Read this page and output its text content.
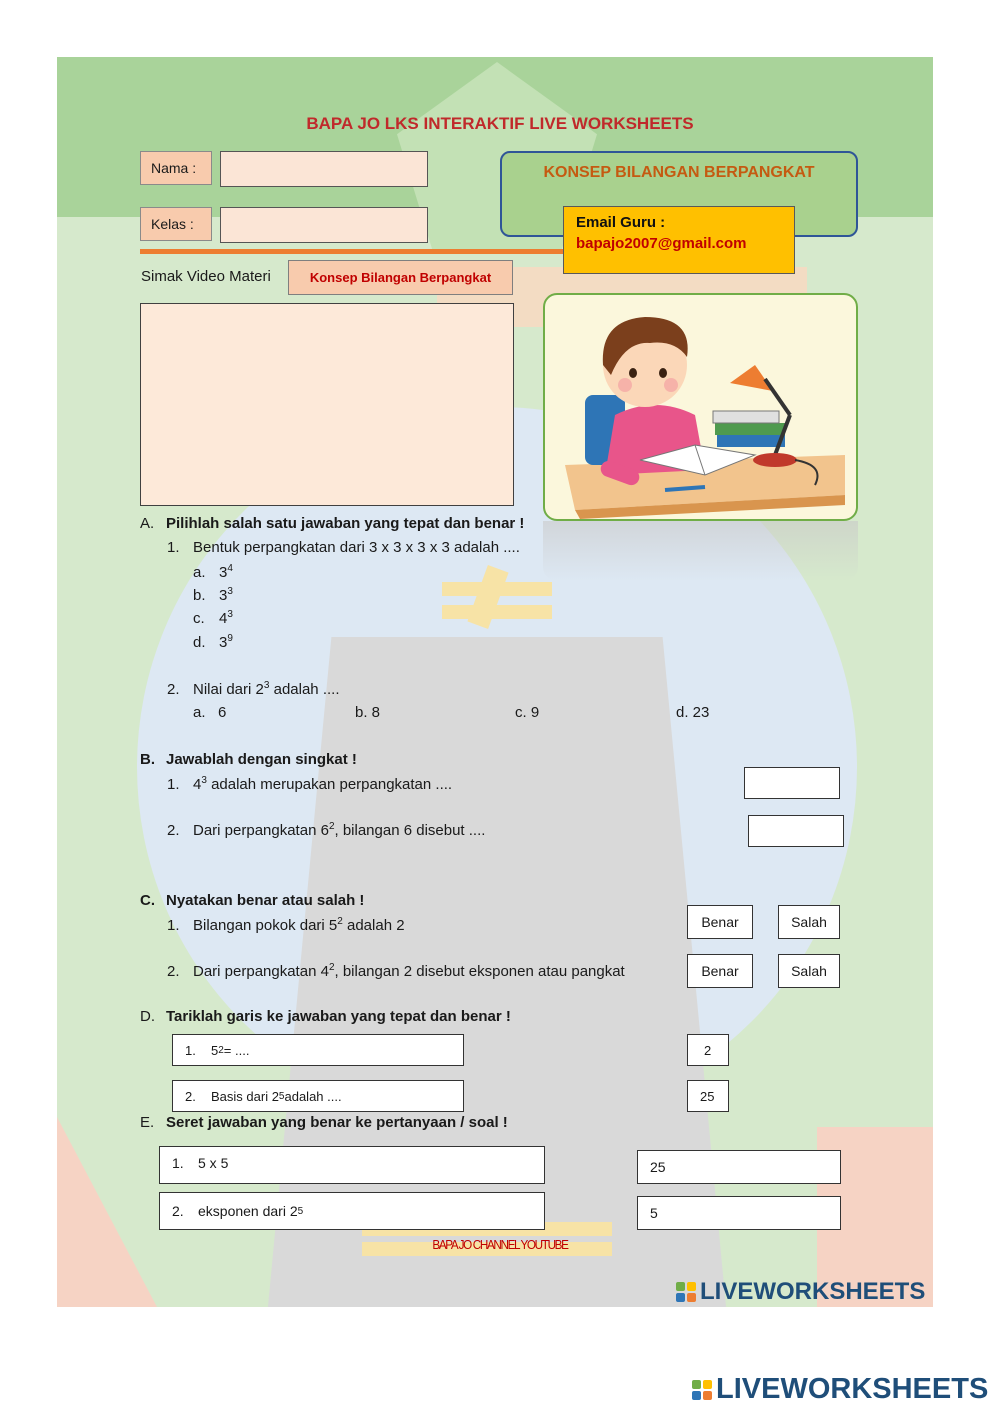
BAPA JO LKS INTERAKTIF LIVE WORKSHEETS
Nama :
Kelas :
KONSEP BILANGAN BERPANGKAT
Email Guru :
bapajo2007@gmail.com
Simak Video Materi	Konsep Bilangan Berpangkat
A. Pilihlah salah satu jawaban yang tepat dan benar !
1. Bentuk perpangkatan dari 3 x 3 x 3 x 3 adalah ....
a. $3^4$
b. $3^3$
c. $4^3$
d. $3^9$
2. Nilai dari $2^3$ adalah ....
a.   6	b. 8	c. 9	d. 23
B. Jawablah dengan singkat !
1. $4^3$ adalah merupakan perpangkatan ....
2. Dari perpangkatan $6^2$, bilangan 6 disebut ....
C. Nyatakan benar atau salah !
1. Bilangan pokok dari $5^2$ adalah 2	Benar	Salah
2. Dari perpangkatan $4^2$, bilangan 2 disebut eksponen atau pangkat	Benar	Salah
D. Tariklah garis ke jawaban yang tepat dan benar !
1.	5 2 = ....	2
2.	Basis dari 2 5 adalah ....	25
E. Seret jawaban yang benar ke pertanyaan / soal !
1.	5 x 5	25
2.	eksponen dari 2 5	5
BAPA JO CHANNEL YOUTUBE
LIVEWORKSHEETS
LIVEWORKSHEETS
